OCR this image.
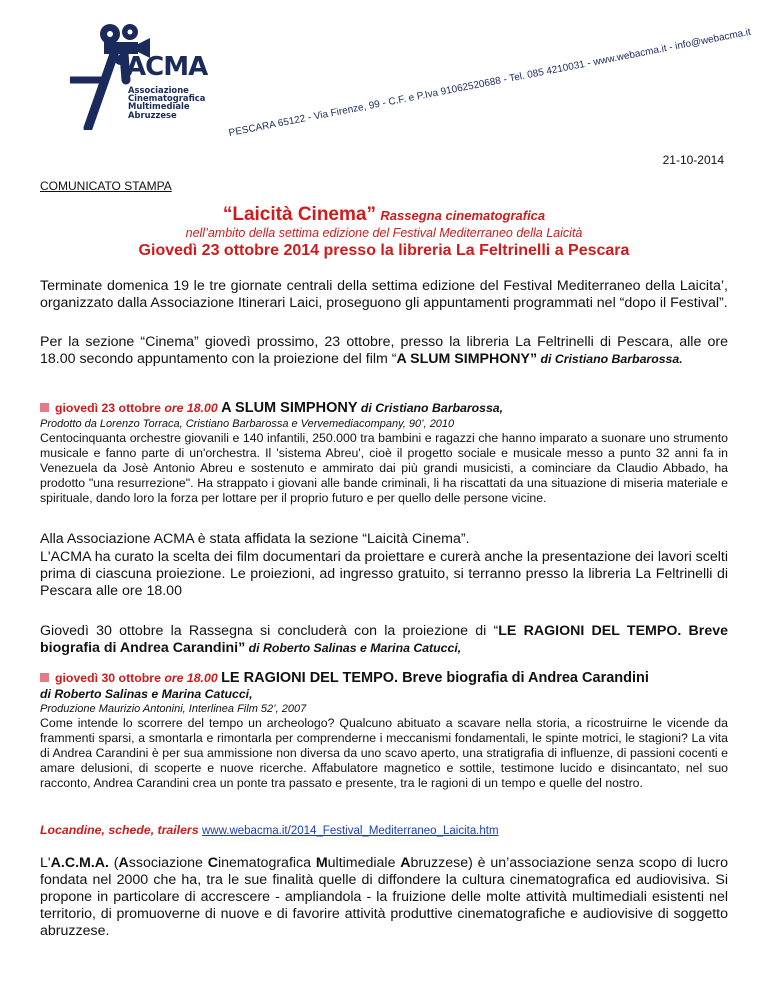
ACMA
Associazione
Cinematografica
Multimediale
Abruzzese	PESCARA 65122 - Via Firenze, 99 - C.F. e P.Iva 91062520688 - Tel. 085 4210031 - www.webacma.it - info@webacma.it
21-10-2014
COMUNICATO STAMPA
“Laicità Cinema” Rassegna cinematografica
nell’ambito della settima edizione del Festival Mediterraneo della Laicità
Giovedì 23 ottobre 2014 presso la libreria La Feltrinelli a Pescara
Terminate domenica 19 le tre giornate centrali della settima edizione del Festival Mediterraneo della Laicita’, organizzato dalla Associazione Itinerari Laici, proseguono gli appuntamenti programmati nel “dopo il Festival”.
Per la sezione “Cinema” giovedì prossimo, 23 ottobre, presso la libreria La Feltrinelli di Pescara, alle ore 18.00 secondo appuntamento con la proiezione del film “A SLUM SIMPHONY” di Cristiano Barbarossa.
giovedì 23 ottobre ore 18.00 A SLUM SIMPHONY di Cristiano Barbarossa,
Prodotto da Lorenzo Torraca, Cristiano Barbarossa e Vervemediacompany, 90’, 2010
Centocinquanta orchestre giovanili e 140 infantili, 250.000 tra bambini e ragazzi che hanno imparato a suonare uno strumento musicale e fanno parte di un'orchestra. Il 'sistema Abreu', cioè il progetto sociale e musicale messo a punto 32 anni fa in Venezuela da Josè Antonio Abreu e sostenuto e ammirato dai più grandi musicisti, a cominciare da Claudio Abbado, ha prodotto "una resurrezione". Ha strappato i giovani alle bande criminali, li ha riscattati da una situazione di miseria materiale e spirituale, dando loro la forza per lottare per il proprio futuro e per quello delle persone vicine.
Alla Associazione ACMA è stata affidata la sezione “Laicità Cinema”.
L'ACMA ha curato la scelta dei film documentari da proiettare e curerà anche la presentazione dei lavori scelti prima di ciascuna proiezione. Le proiezioni, ad ingresso gratuito, si terranno presso la libreria La Feltrinelli di Pescara alle ore 18.00
Giovedì 30 ottobre la Rassegna si concluderà con la proiezione di “LE RAGIONI DEL TEMPO. Breve biografia di Andrea Carandini” di Roberto Salinas e Marina Catucci,
giovedì 30 ottobre ore 18.00 LE RAGIONI DEL TEMPO. Breve biografia di Andrea Carandini
di Roberto Salinas e Marina Catucci,
Produzione Maurizio Antonini, Interlinea Film 52’, 2007
Come intende lo scorrere del tempo un archeologo? Qualcuno abituato a scavare nella storia, a ricostruirne le vicende da frammenti sparsi, a smontarla e rimontarla per comprenderne i meccanismi fondamentali, le spinte motrici, le stagioni? La vita di Andrea Carandini è per sua ammissione non diversa da uno scavo aperto, una stratigrafia di influenze, di passioni cocenti e amare delusioni, di scoperte e nuove ricerche. Affabulatore magnetico e sottile, testimone lucido e disincantato, nel suo racconto, Andrea Carandini crea un ponte tra passato e presente, tra le ragioni di un tempo e quelle del nostro.
Locandine, schede, trailers www.webacma.it/2014_Festival_Mediterraneo_Laicita.htm
L'A.C.M.A. (Associazione Cinematografica Multimediale Abruzzese) è un’associazione senza scopo di lucro fondata nel 2000 che ha, tra le sue finalità quelle di diffondere la cultura cinematografica ed audiovisiva. Si propone in particolare di accrescere - ampliandola - la fruizione delle molte attività multimediali esistenti nel territorio, di promuoverne di nuove e di favorire attività produttive cinematografiche e audiovisive di soggetto abruzzese.
